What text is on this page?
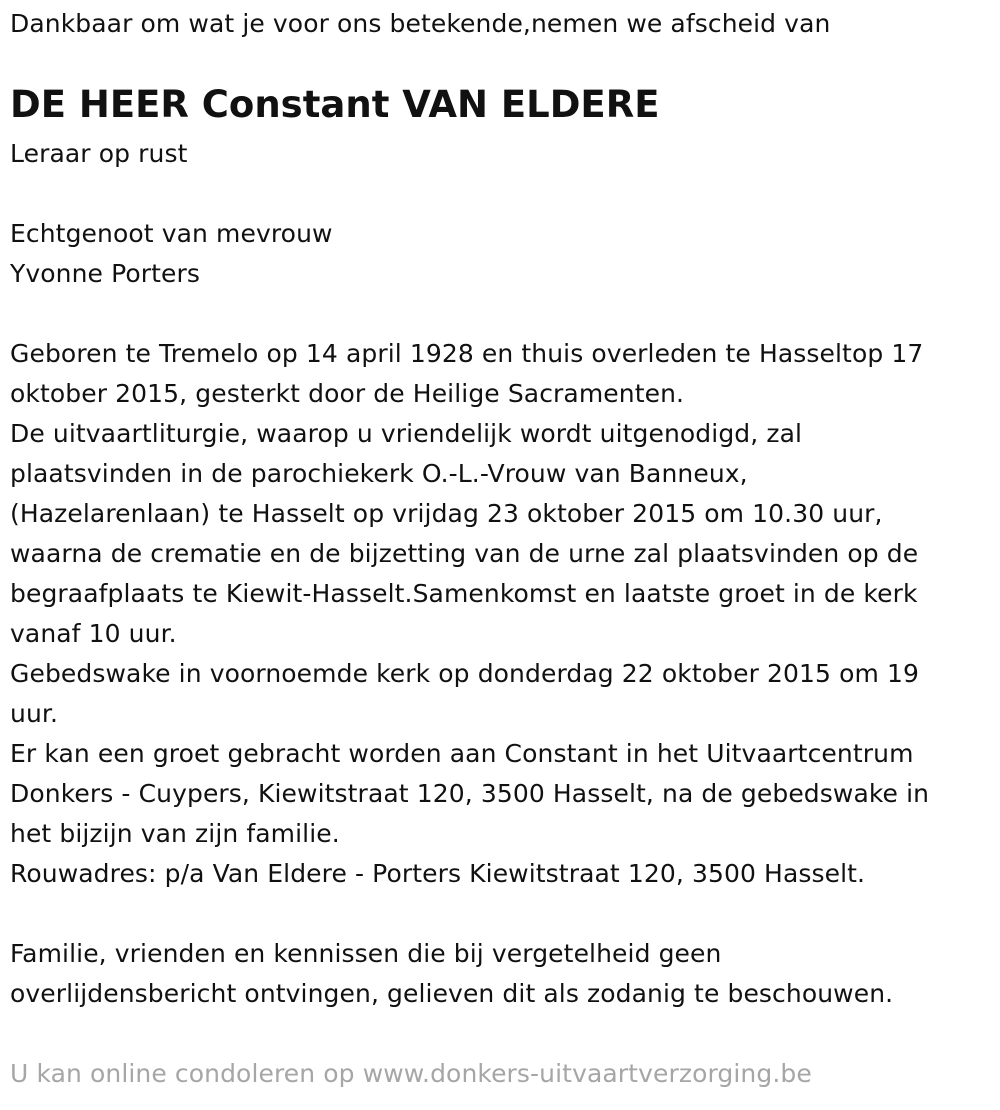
Dankbaar om wat je voor ons betekende,nemen we afscheid van
DE HEER Constant VAN ELDERE
Leraar op rust
Echtgenoot van mevrouw
Yvonne Porters
Geboren te Tremelo op 14 april 1928 en thuis overleden te Hasseltop 17
oktober 2015, gesterkt door de Heilige Sacramenten.
De uitvaartliturgie, waarop u vriendelijk wordt uitgenodigd, zal
plaatsvinden in de parochiekerk O.-L.-Vrouw van Banneux,
(Hazelarenlaan) te Hasselt op vrijdag 23 oktober 2015 om 10.30 uur,
waarna de crematie en de bijzetting van de urne zal plaatsvinden op de
begraafplaats te Kiewit-Hasselt.Samenkomst en laatste groet in de kerk
vanaf 10 uur.
Gebedswake in voornoemde kerk op donderdag 22 oktober 2015 om 19
uur.
Er kan een groet gebracht worden aan Constant in het Uitvaartcentrum
Donkers - Cuypers, Kiewitstraat 120, 3500 Hasselt, na de gebedswake in
het bijzijn van zijn familie.
Rouwadres: p/a Van Eldere - Porters Kiewitstraat 120, 3500 Hasselt.
Familie, vrienden en kennissen die bij vergetelheid geen
overlijdensbericht ontvingen, gelieven dit als zodanig te beschouwen.
U kan online condoleren op www.donkers-uitvaartverzorging.be
